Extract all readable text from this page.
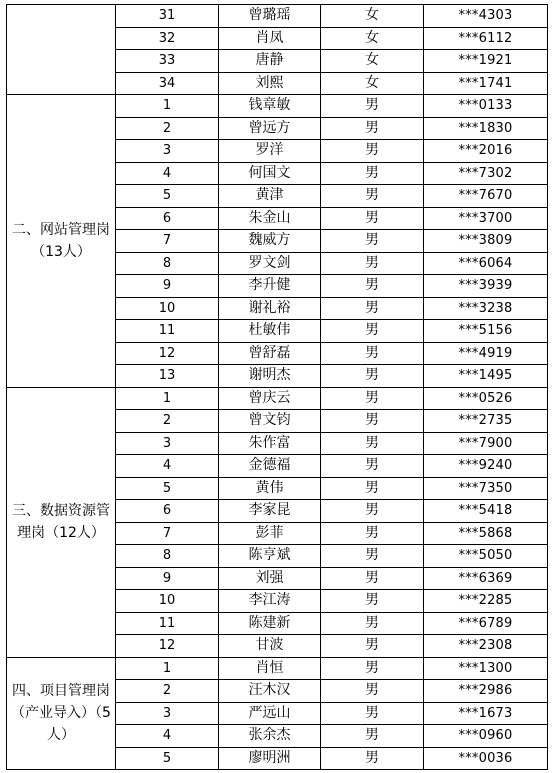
	31	曾璐瑶	女	***4303
	32	肖凤	女	***6112
	33	唐静	女	***1921
	34	刘熙	女	***1741
二、网站管理岗（13人）	1	钱章敏	男	***0133
	2	曾远方	男	***1830
	3	罗洋	男	***2016
	4	何国文	男	***7302
	5	黄津	男	***7670
	6	朱金山	男	***3700
	7	魏威方	男	***3809
	8	罗文剑	男	***6064
	9	李升健	男	***3939
	10	谢礼裕	男	***3238
	11	杜敏伟	男	***5156
	12	曾舒磊	男	***4919
	13	谢明杰	男	***1495
三、数据资源管理岗（12人）	1	曾庆云	男	***0526
	2	曾文钧	男	***2735
	3	朱作富	男	***7900
	4	金德福	男	***9240
	5	黄伟	男	***7350
	6	李家昆	男	***5418
	7	彭菲	男	***5868
	8	陈亨斌	男	***5050
	9	刘强	男	***6369
	10	李江涛	男	***2285
	11	陈建新	男	***6789
	12	甘波	男	***2308
四、项目管理岗（产业导入）（5人）	1	肖恒	男	***1300
	2	汪木汉	男	***2986
	3	严远山	男	***1673
	4	张余杰	男	***0960
	5	廖明洲	男	***0036
